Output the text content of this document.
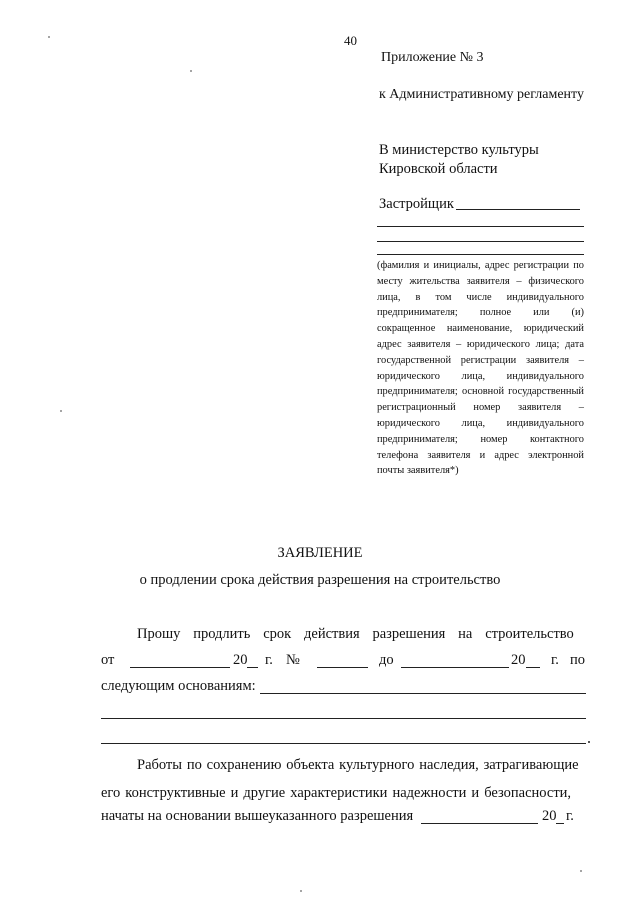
40
Приложение № 3
к Административному регламенту
В министерство культуры
Кировской области
Застройщик
(фамилия и инициалы, адрес регистрации по месту жительства заявителя – физического лица, в том числе индивидуального предпринимателя; полное или (и) сокращенное наименование, юридический адрес заявителя – юридического лица; дата государственной регистрации заявителя – юридического лица, индивидуального предпринимателя; основной государственный регистрационный номер заявителя – юридического лица, индивидуального предпринимателя; номер контактного телефона заявителя и адрес электронной почты заявителя*)
ЗАЯВЛЕНИЕ
о продлении срока действия разрешения на строительство
Прошу продлить срок действия разрешения на строительство
от	20 г. №	до	20 г. по
следующим основаниям:
Работы по сохранению объекта культурного наследия, затрагивающие
его конструктивные и другие характеристики надежности и безопасности,
начаты на основании вышеуказанного разрешения	20 г.
